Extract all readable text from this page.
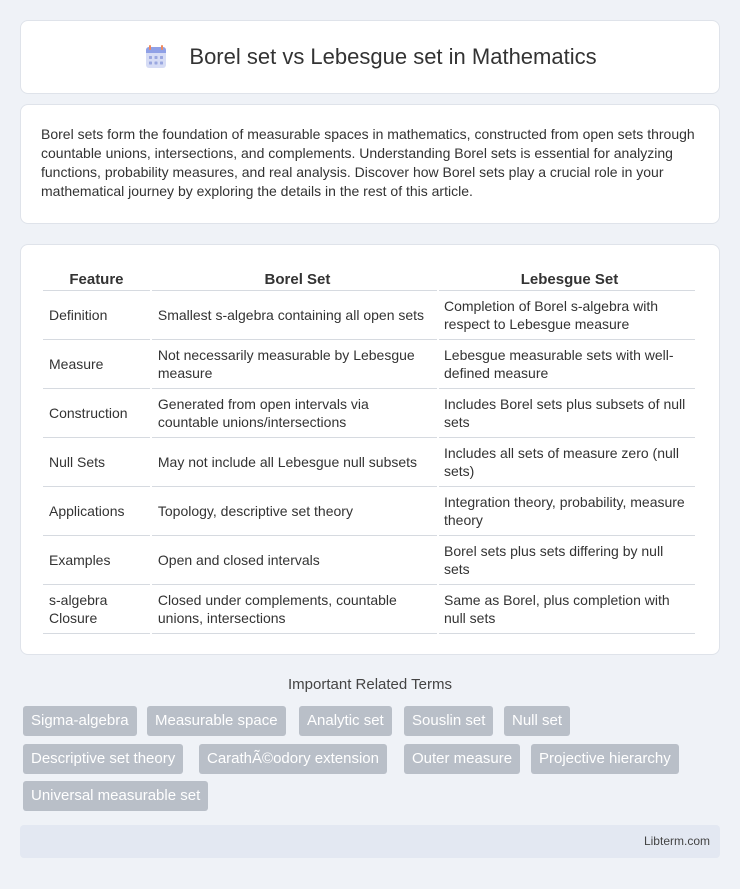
Borel set vs Lebesgue set in Mathematics

Borel sets form the foundation of measurable spaces in mathematics, constructed from open sets through countable unions, intersections, and complements. Understanding Borel sets is essential for analyzing functions, probability measures, and real analysis. Discover how Borel sets play a crucial role in your mathematical journey by exploring the details in the rest of this article.

Feature	Borel Set	Lebesgue Set
Definition	Smallest s-algebra containing all open sets	Completion of Borel s-algebra with respect to Lebesgue measure
Measure	Not necessarily measurable by Lebesgue measure	Lebesgue measurable sets with well-defined measure
Construction	Generated from open intervals via countable unions/intersections	Includes Borel sets plus subsets of null sets
Null Sets	May not include all Lebesgue null subsets	Includes all sets of measure zero (null sets)
Applications	Topology, descriptive set theory	Integration theory, probability, measure theory
Examples	Open and closed intervals	Borel sets plus sets differing by null sets
s-algebra Closure	Closed under complements, countable unions, intersections	Same as Borel, plus completion with null sets
Important Related Terms
Sigma-algebra	Measurable space	Analytic set	Souslin set	Null set
Descriptive set theory	CarathÃ©odory extension	Outer measure	Projective hierarchy
Universal measurable set
Libterm.com
